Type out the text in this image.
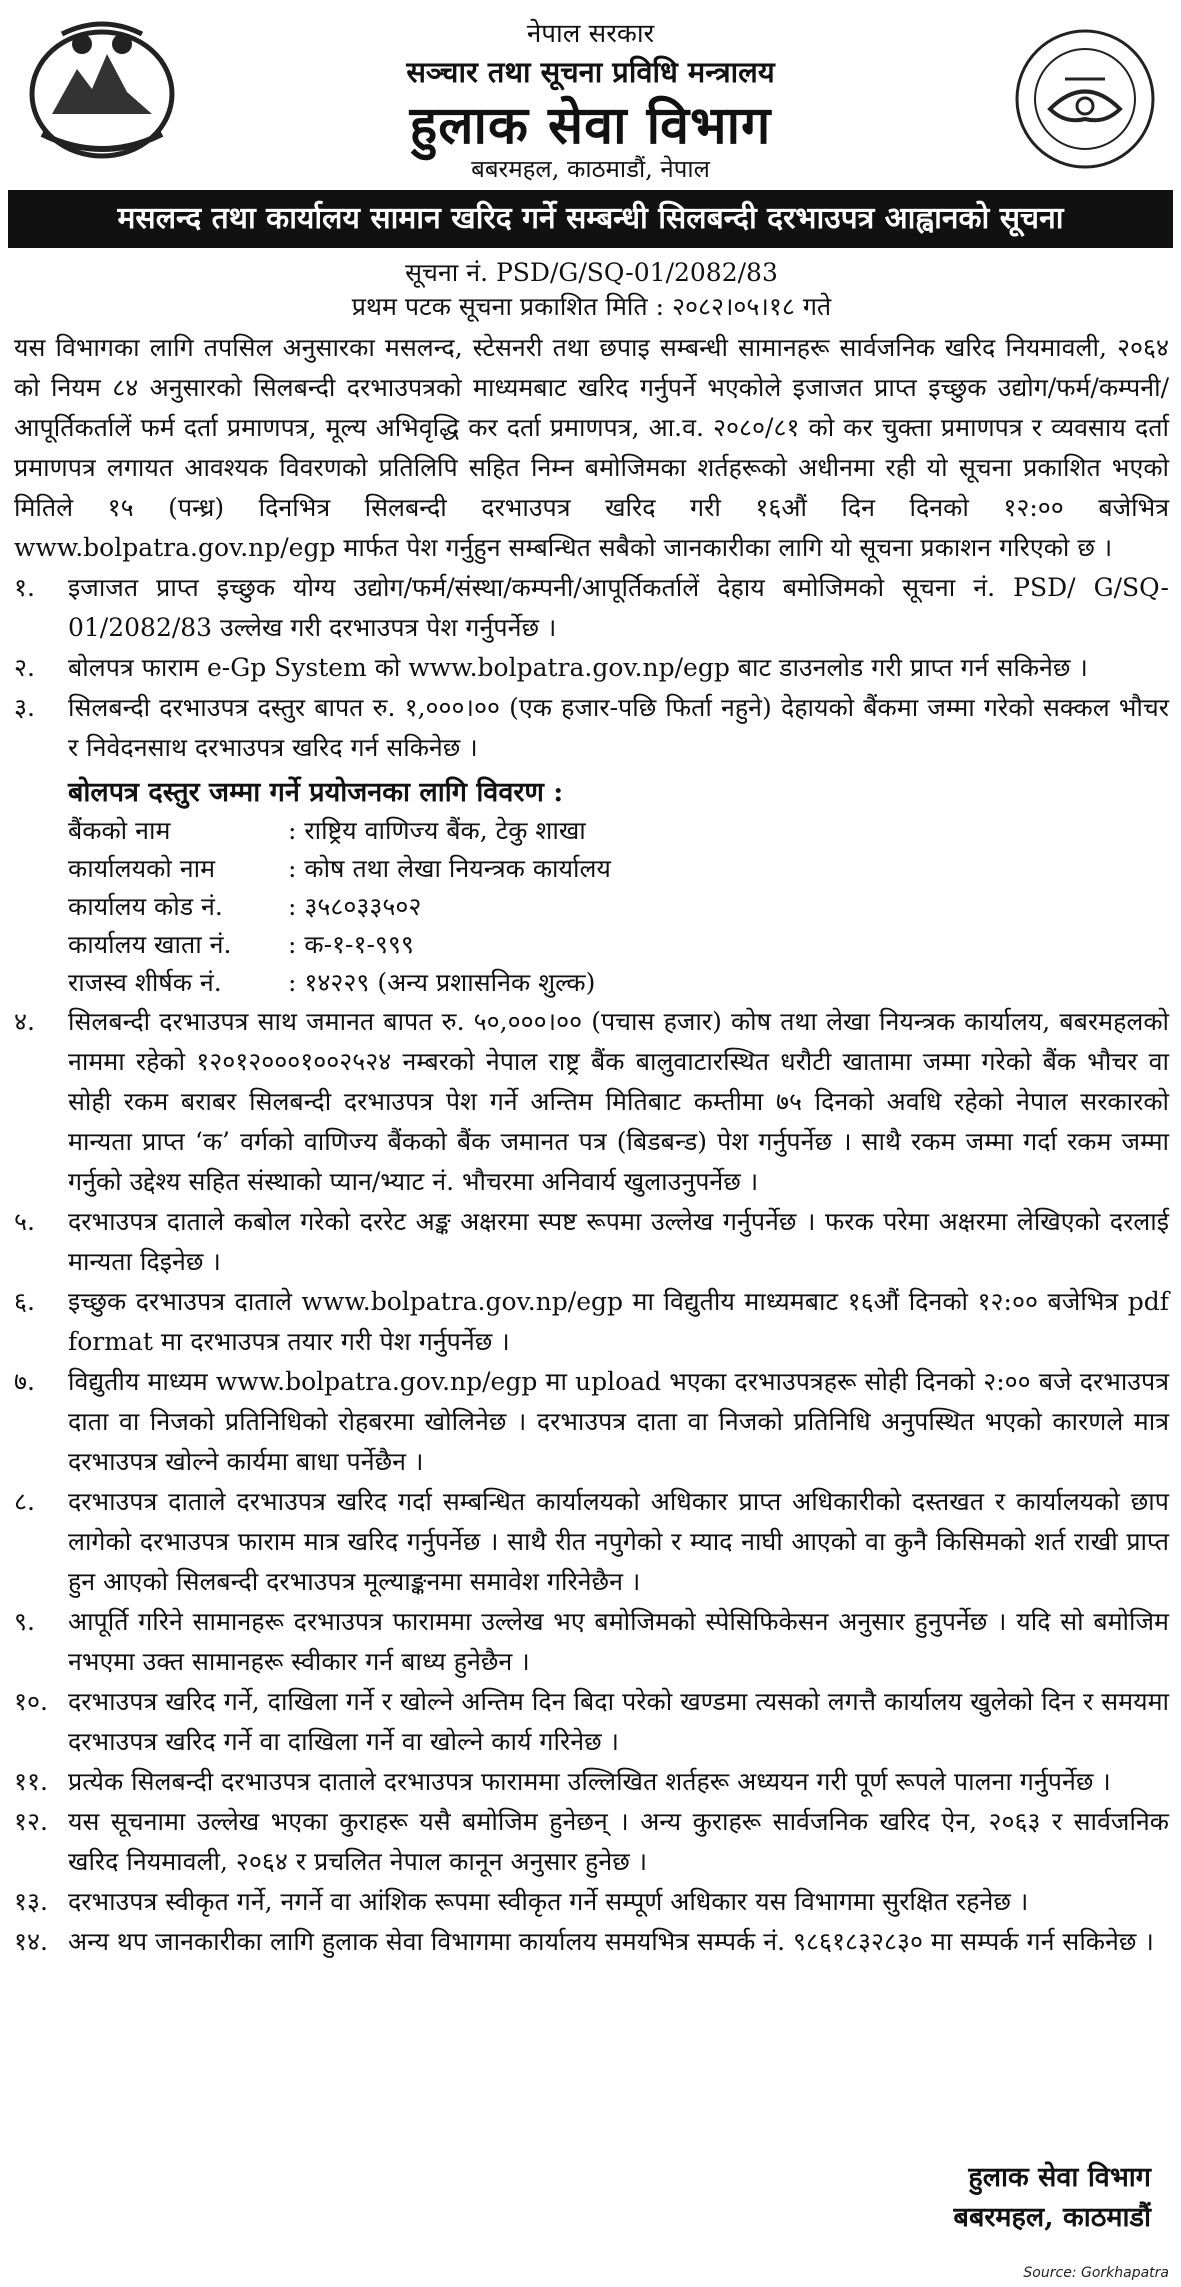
नेपाल सरकार
सञ्चार तथा सूचना प्रविधि मन्त्रालय
हुलाक सेवा विभाग
बबरमहल, काठमाडौं, नेपाल
मसलन्द तथा कार्यालय सामान खरिद गर्ने सम्बन्धी सिलबन्दी दरभाउपत्र आह्वानको सूचना
सूचना नं. PSD/G/SQ-01/2082/83
प्रथम पटक सूचना प्रकाशित मिति : २०८२।०५।१८ गते
यस विभागका लागि तपसिल अनुसारका मसलन्द, स्टेसनरी तथा छपाइ सम्बन्धी सामानहरू सार्वजनिक खरिद नियमावली, २०६४ को नियम ८४ अनुसारको सिलबन्दी दरभाउपत्रको माध्यमबाट खरिद गर्नुपर्ने भएकोले इजाजत प्राप्त इच्छुक उद्योग/फर्म/कम्पनी/आपूर्तिकर्तालें फर्म दर्ता प्रमाणपत्र, मूल्य अभिवृद्धि कर दर्ता प्रमाणपत्र, आ.व. २०८०/८१ को कर चुक्ता प्रमाणपत्र र व्यवसाय दर्ता प्रमाणपत्र लगायत आवश्यक विवरणको प्रतिलिपि सहित निम्न बमोजिमका शर्तहरूको अधीनमा रही यो सूचना प्रकाशित भएको मितिले १५ (पन्ध्र) दिनभित्र सिलबन्दी दरभाउपत्र खरिद गरी १६औं दिन दिनको १२:०० बजेभित्र www.bolpatra.gov.np/egp मार्फत पेश गर्नुहुन सम्बन्धित सबैको जानकारीका लागि यो सूचना प्रकाशन गरिएको छ ।
१.	इजाजत प्राप्त इच्छुक योग्य उद्योग/फर्म/संस्था/कम्पनी/आपूर्तिकर्तालें देहाय बमोजिमको सूचना नं. PSD/ G/SQ-01/2082/83 उल्लेख गरी दरभाउपत्र पेश गर्नुपर्नेछ ।
२.	बोलपत्र फाराम e-Gp System को www.bolpatra.gov.np/egp बाट डाउनलोड गरी प्राप्त गर्न सकिनेछ ।
३.	सिलबन्दी दरभाउपत्र दस्तुर बापत रु. १,०००।०० (एक हजार-पछि फिर्ता नहुने) देहायको बैंकमा जम्मा गरेको सक्कल भौचर र निवेदनसाथ दरभाउपत्र खरिद गर्न सकिनेछ ।
बोलपत्र दस्तुर जम्मा गर्ने प्रयोजनका लागि विवरण :
बैंकको नाम	: राष्ट्रिय वाणिज्य बैंक, टेकु शाखा
कार्यालयको नाम	: कोष तथा लेखा नियन्त्रक कार्यालय
कार्यालय कोड नं.	: ३५८०३३५०२
कार्यालय खाता नं.	: क-१-१-९९९
राजस्व शीर्षक नं.	: १४२२९ (अन्य प्रशासनिक शुल्क)
४.	सिलबन्दी दरभाउपत्र साथ जमानत बापत रु. ५०,०००।०० (पचास हजार) कोष तथा लेखा नियन्त्रक कार्यालय, बबरमहलको नाममा रहेको १२०१२०००१००२५२४ नम्बरको नेपाल राष्ट्र बैंक बालुवाटारस्थित धरौटी खातामा जम्मा गरेको बैंक भौचर वा सोही रकम बराबर सिलबन्दी दरभाउपत्र पेश गर्ने अन्तिम मितिबाट कम्तीमा ७५ दिनको अवधि रहेको नेपाल सरकारको मान्यता प्राप्त ‘क’ वर्गको वाणिज्य बैंकको बैंक जमानत पत्र (बिडबन्ड) पेश गर्नुपर्नेछ । साथै रकम जम्मा गर्दा रकम जम्मा गर्नुको उद्देश्य सहित संस्थाको प्यान/भ्याट नं. भौचरमा अनिवार्य खुलाउनुपर्नेछ ।
५.	दरभाउपत्र दाताले कबोल गरेको दररेट अङ्क अक्षरमा स्पष्ट रूपमा उल्लेख गर्नुपर्नेछ । फरक परेमा अक्षरमा लेखिएको दरलाई मान्यता दिइनेछ ।
६.	इच्छुक दरभाउपत्र दाताले www.bolpatra.gov.np/egp मा विद्युतीय माध्यमबाट १६औं दिनको १२:०० बजेभित्र pdf format मा दरभाउपत्र तयार गरी पेश गर्नुपर्नेछ ।
७.	विद्युतीय माध्यम www.bolpatra.gov.np/egp मा upload भएका दरभाउपत्रहरू सोही दिनको २:०० बजे दरभाउपत्र दाता वा निजको प्रतिनिधिको रोहबरमा खोलिनेछ । दरभाउपत्र दाता वा निजको प्रतिनिधि अनुपस्थित भएको कारणले मात्र दरभाउपत्र खोल्ने कार्यमा बाधा पर्नेछैन ।
८.	दरभाउपत्र दाताले दरभाउपत्र खरिद गर्दा सम्बन्धित कार्यालयको अधिकार प्राप्त अधिकारीको दस्तखत र कार्यालयको छाप लागेको दरभाउपत्र फाराम मात्र खरिद गर्नुपर्नेछ । साथै रीत नपुगेको र म्याद नाघी आएको वा कुनै किसिमको शर्त राखी प्राप्त हुन आएको सिलबन्दी दरभाउपत्र मूल्याङ्कनमा समावेश गरिनेछैन ।
९.	आपूर्ति गरिने सामानहरू दरभाउपत्र फाराममा उल्लेख भए बमोजिमको स्पेसिफिकेसन अनुसार हुनुपर्नेछ । यदि सो बमोजिम नभएमा उक्त सामानहरू स्वीकार गर्न बाध्य हुनेछैन ।
१०. दरभाउपत्र खरिद गर्ने, दाखिला गर्ने र खोल्ने अन्तिम दिन बिदा परेको खण्डमा त्यसको लगत्तै कार्यालय खुलेको दिन र समयमा दरभाउपत्र खरिद गर्ने वा दाखिला गर्ने वा खोल्ने कार्य गरिनेछ ।
११. प्रत्येक सिलबन्दी दरभाउपत्र दाताले दरभाउपत्र फाराममा उल्लिखित शर्तहरू अध्ययन गरी पूर्ण रूपले पालना गर्नुपर्नेछ ।
१२. यस सूचनामा उल्लेख भएका कुराहरू यसै बमोजिम हुनेछन् । अन्य कुराहरू सार्वजनिक खरिद ऐन, २०६३ र सार्वजनिक खरिद नियमावली, २०६४ र प्रचलित नेपाल कानून अनुसार हुनेछ ।
१३. दरभाउपत्र स्वीकृत गर्ने, नगर्ने वा आंशिक रूपमा स्वीकृत गर्ने सम्पूर्ण अधिकार यस विभागमा सुरक्षित रहनेछ ।
१४. अन्य थप जानकारीका लागि हुलाक सेवा विभागमा कार्यालय समयभित्र सम्पर्क नं. ९८६१८३२८३० मा सम्पर्क गर्न सकिनेछ ।
हुलाक सेवा विभाग
बबरमहल, काठमाडौं
Source: Gorkhapatra
